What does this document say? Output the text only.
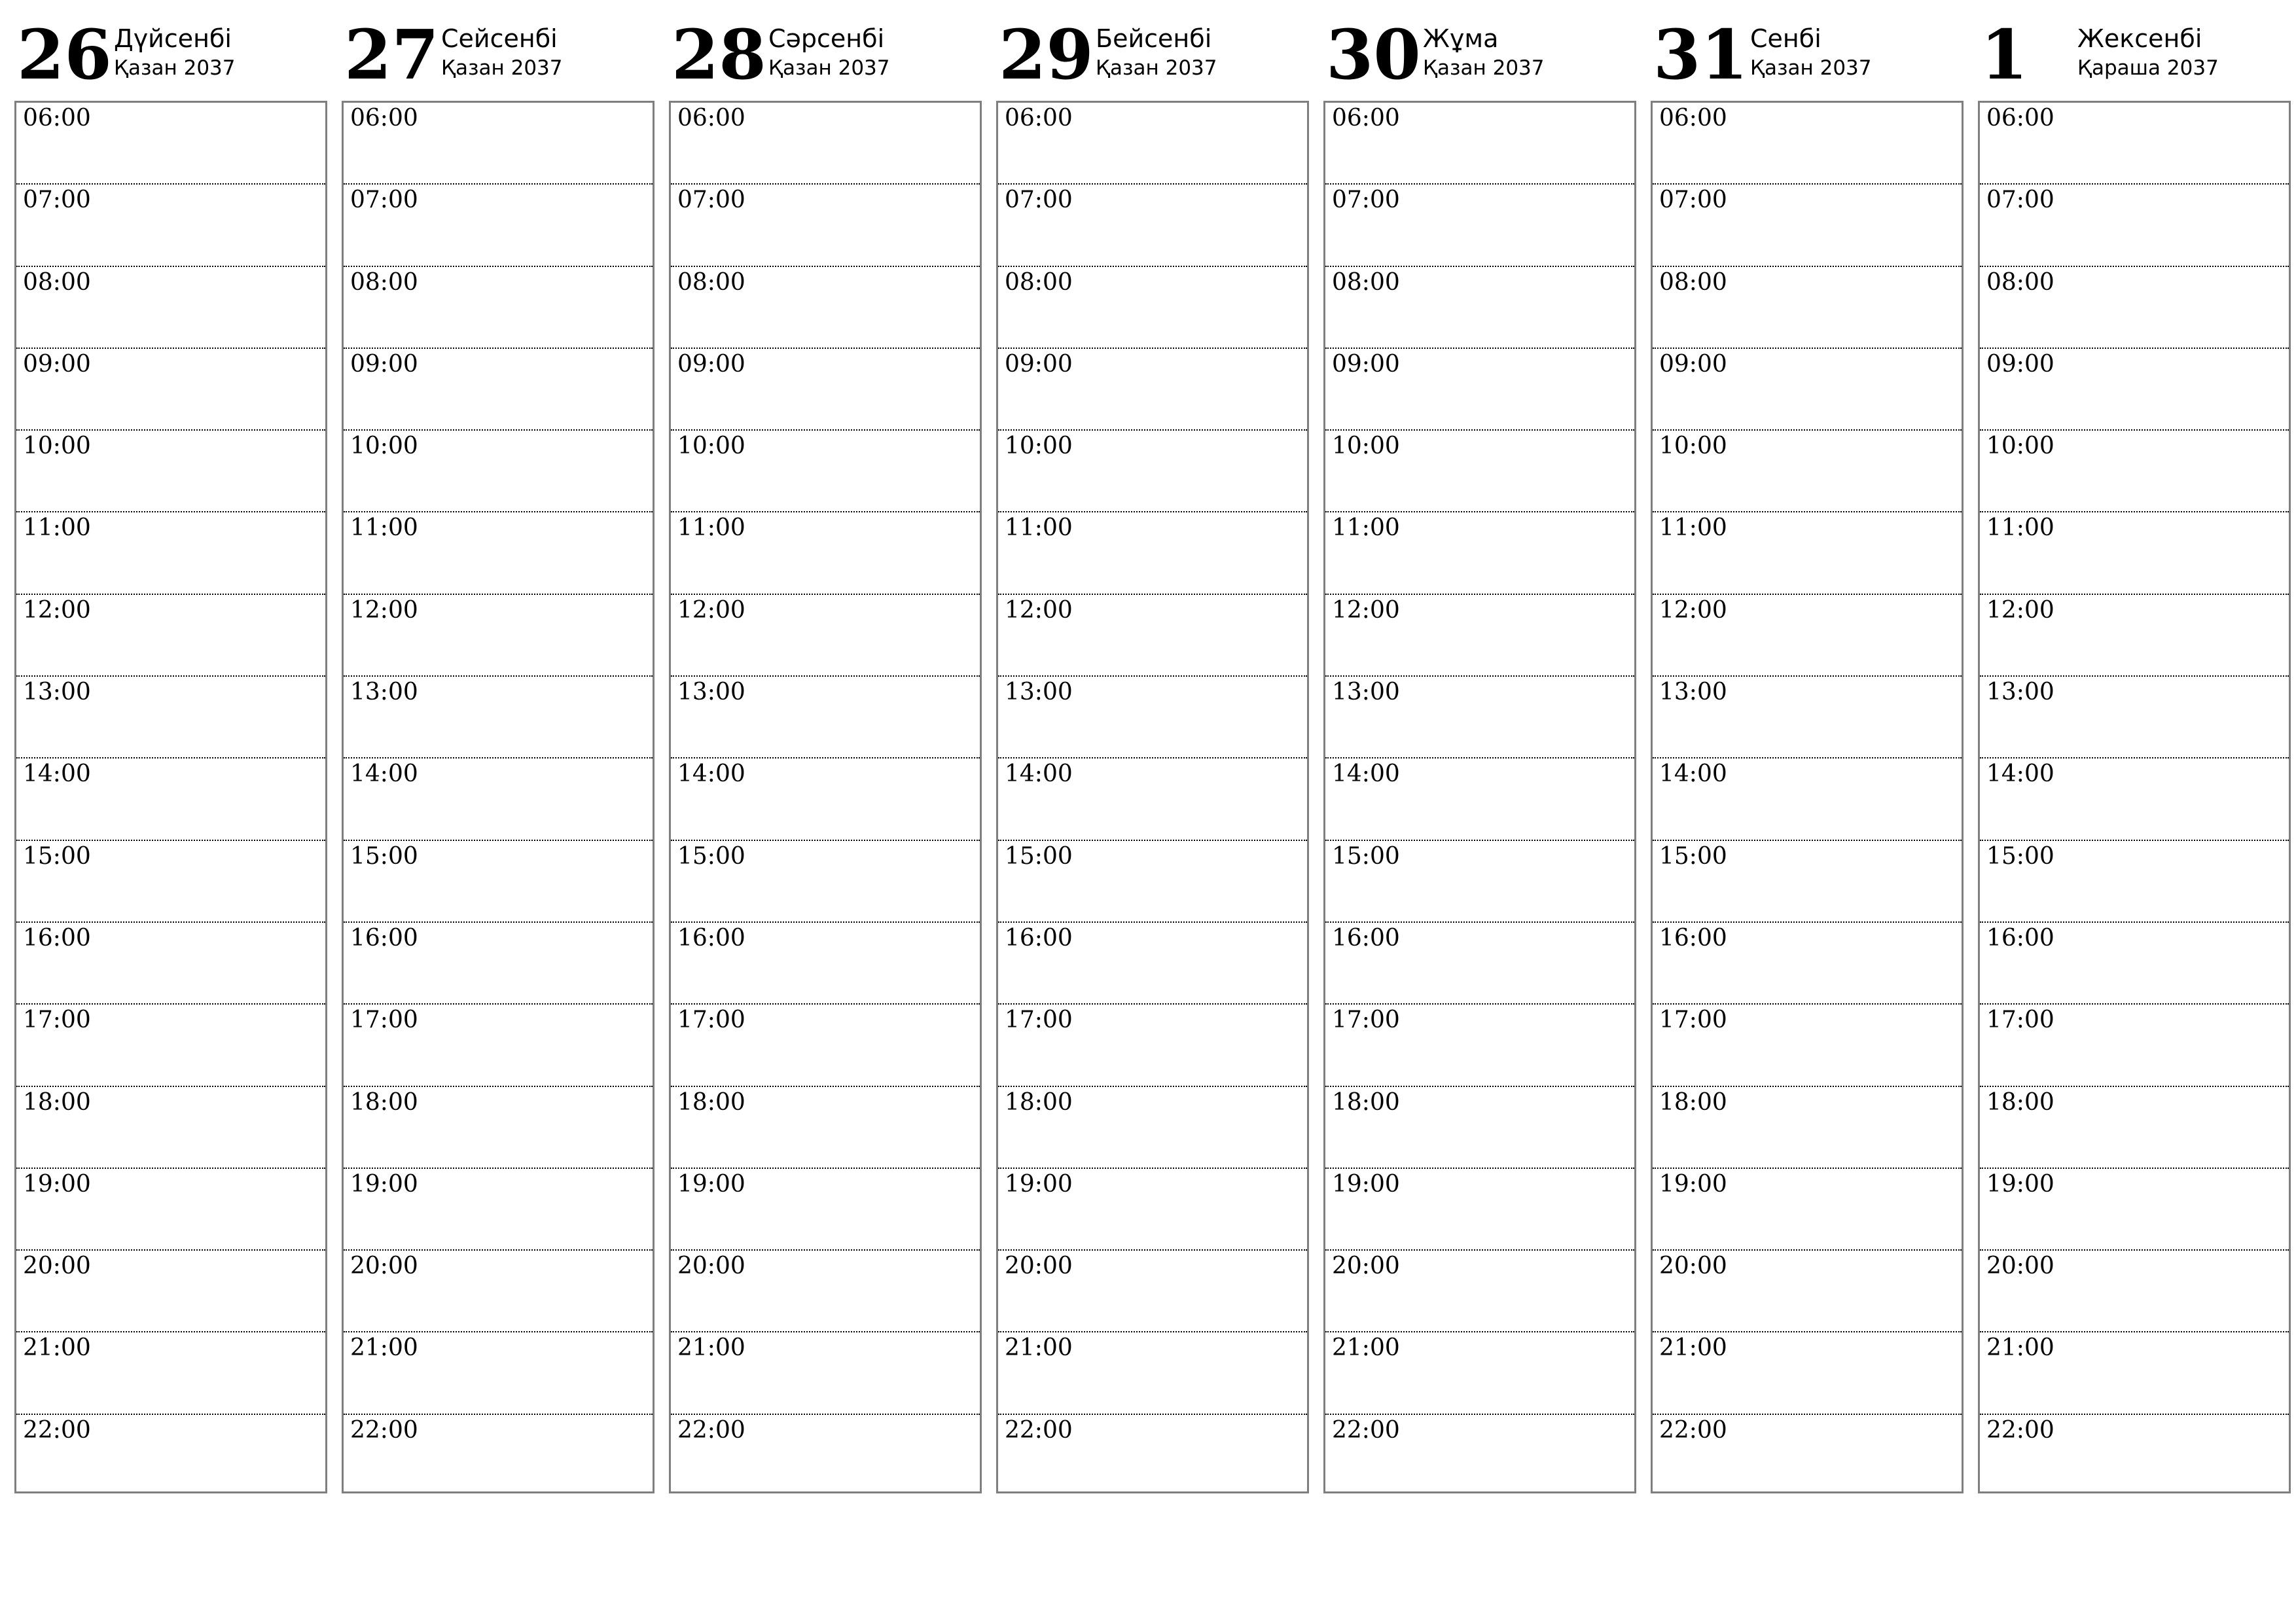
26 Дүйсенбі
Қазан 2037
06:00
07:00
08:00
09:00
10:00
11:00
12:00
13:00
14:00
15:00
16:00
17:00
18:00
19:00
20:00
21:00
22:00
27 Сейсенбі
Қазан 2037
06:00
07:00
08:00
09:00
10:00
11:00
12:00
13:00
14:00
15:00
16:00
17:00
18:00
19:00
20:00
21:00
22:00
28 Сәрсенбі
Қазан 2037
06:00
07:00
08:00
09:00
10:00
11:00
12:00
13:00
14:00
15:00
16:00
17:00
18:00
19:00
20:00
21:00
22:00
29 Бейсенбі
Қазан 2037
06:00
07:00
08:00
09:00
10:00
11:00
12:00
13:00
14:00
15:00
16:00
17:00
18:00
19:00
20:00
21:00
22:00
30 Жұма
Қазан 2037
06:00
07:00
08:00
09:00
10:00
11:00
12:00
13:00
14:00
15:00
16:00
17:00
18:00
19:00
20:00
21:00
22:00
31 Сенбі
Қазан 2037
06:00
07:00
08:00
09:00
10:00
11:00
12:00
13:00
14:00
15:00
16:00
17:00
18:00
19:00
20:00
21:00
22:00
1	Жексенбі
Қараша 2037
06:00
07:00
08:00
09:00
10:00
11:00
12:00
13:00
14:00
15:00
16:00
17:00
18:00
19:00
20:00
21:00
22:00
